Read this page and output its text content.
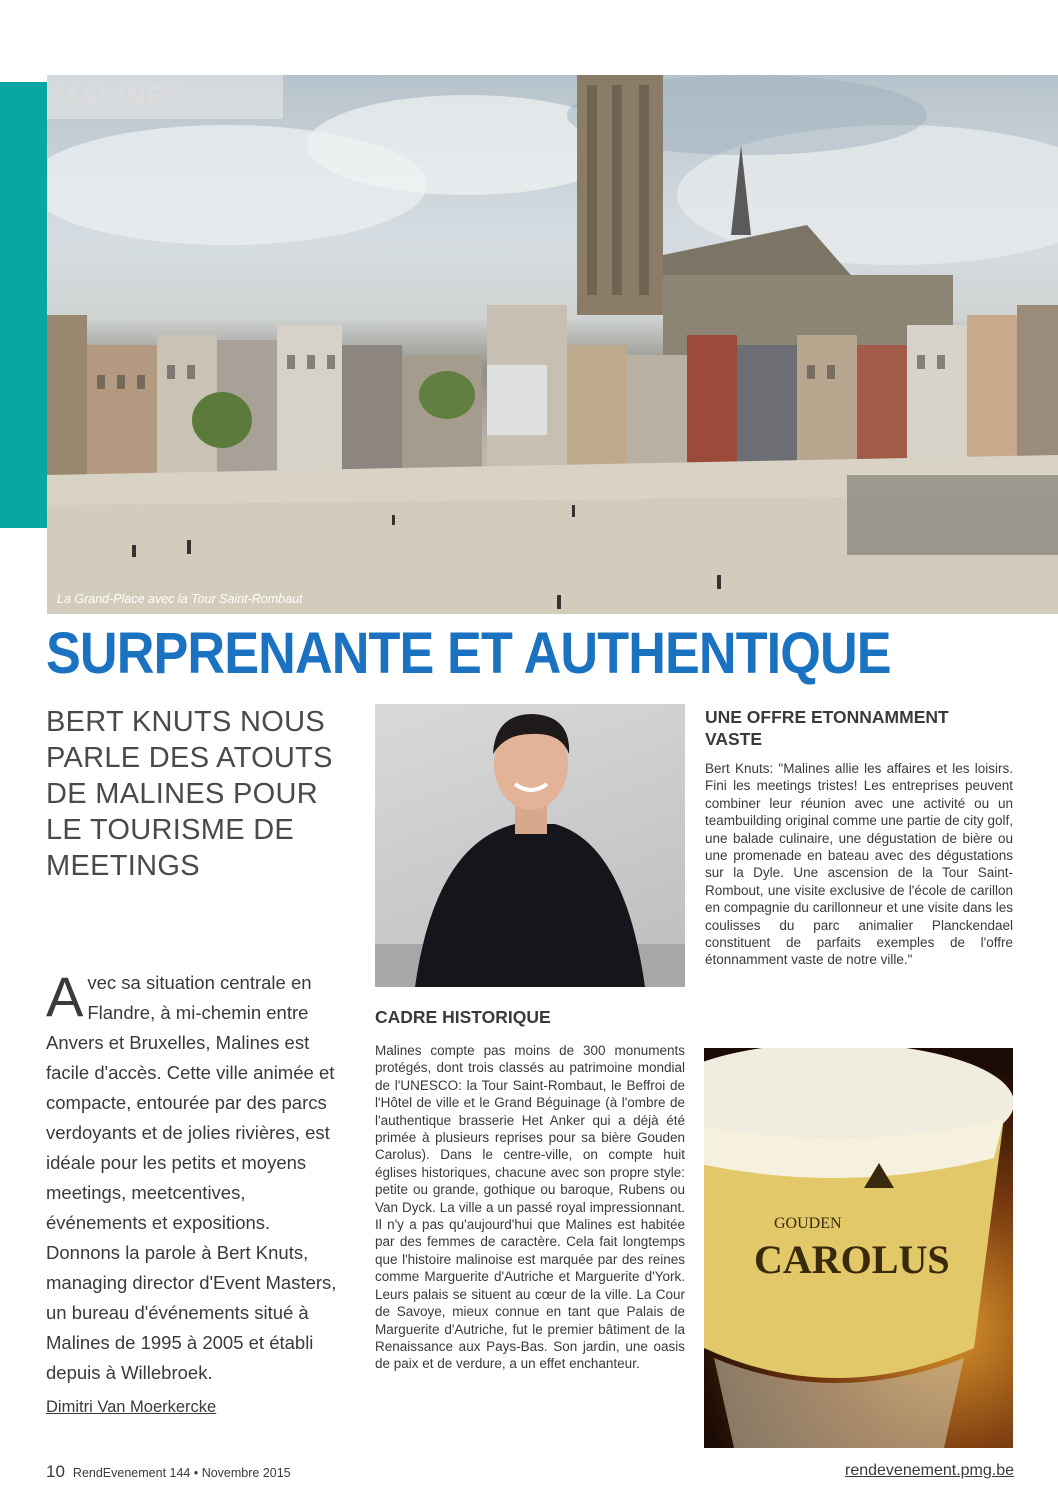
MALINES
La Grand-Place avec la Tour Saint-Rombaut
SURPRENANTE ET AUTHENTIQUE
BERT KNUTS NOUS PARLE DES ATOUTS DE MALINES POUR LE TOURISME DE MEETINGS
Avec sa situation centrale en Flandre, à mi-chemin entre Anvers et Bruxelles, Malines est facile d'accès. Cette ville animée et compacte, entourée par des parcs verdoyants et de jolies rivières, est idéale pour les petits et moyens meetings, meetcentives, événements et expositions. Donnons la parole à Bert Knuts, managing director d'Event Masters, un bureau d'événements situé à Malines de 1995 à 2005 et établi depuis à Willebroek.
Dimitri Van Moerkercke
UNE OFFRE ETONNAMMENT VASTE
Bert Knuts: "Malines allie les affaires et les loisirs. Fini les meetings tristes! Les entreprises peuvent combiner leur réunion avec une activité ou un teambuilding original comme une partie de city golf, une balade culinaire, une dégustation de bière ou une promenade en bateau avec des dégustations sur la Dyle. Une ascension de la Tour Saint-Rombout, une visite exclusive de l'école de carillon en compagnie du carillonneur et une visite dans les coulisses du parc animalier Planckendael constituent de parfaits exemples de l'offre étonnamment vaste de notre ville."
CADRE HISTORIQUE
Malines compte pas moins de 300 monuments protégés, dont trois classés au patrimoine mondial de l'UNESCO: la Tour Saint-Rombaut, le Beffroi de l'Hôtel de ville et le Grand Béguinage (à l'ombre de l'authentique brasserie Het Anker qui a déjà été primée à plusieurs reprises pour sa bière Gouden Carolus). Dans le centre-ville, on compte huit églises historiques, chacune avec son propre style: petite ou grande, gothique ou baroque, Rubens ou Van Dyck. La ville a un passé royal impressionnant. Il n'y a pas qu'aujourd'hui que Malines est habitée par des femmes de caractère. Cela fait longtemps que l'histoire malinoise est marquée par des reines comme Marguerite d'Autriche et Marguerite d'York. Leurs palais se situent au cœur de la ville. La Cour de Savoye, mieux connue en tant que Palais de Marguerite d'Autriche, fut le premier bâtiment de la Renaissance aux Pays-Bas. Son jardin, une oasis de paix et de verdure, a un effet enchanteur.
GOUDEN
CAROLUS
10 RendEvenement 144 • Novembre 2015	rendevenement.pmg.be
